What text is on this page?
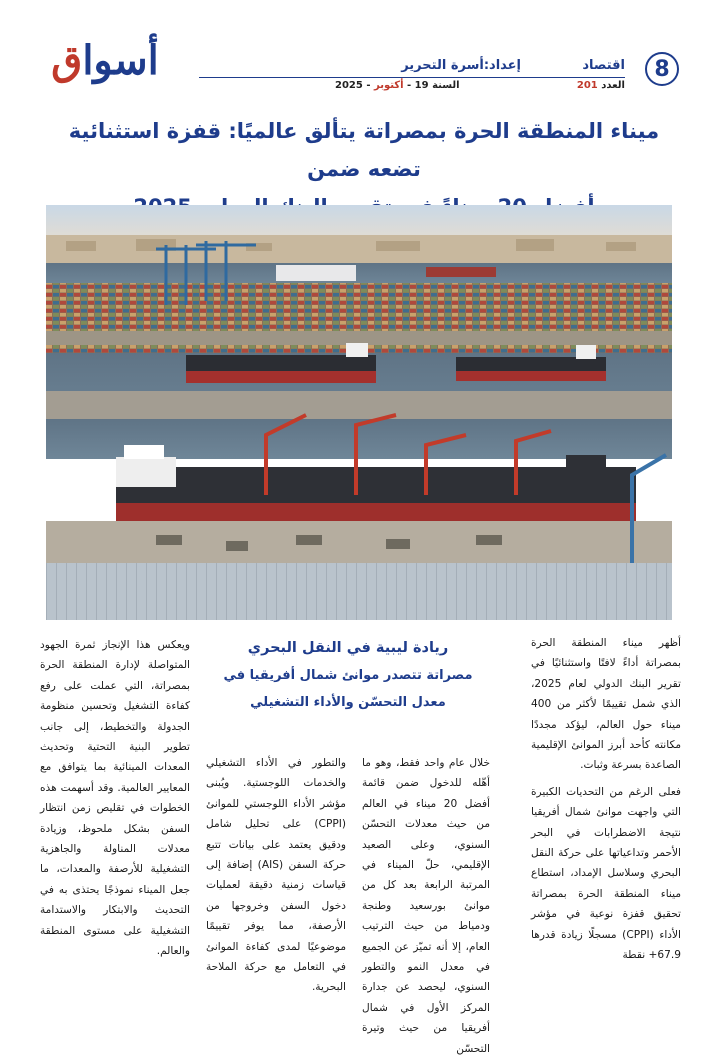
8
اقتصاد
إعداد:أسرة التحرير
العدد 201
السنة 19 - أكتوبر - 2025
أسواق
ميناء المنطقة الحرة بمصراتة يتألق عالميًا: قفزة استثنائية تضعه ضمن
ريادة ليبية في النقل البحري
مصراتة تتصدر موانئ شمال أفريقيا في
معدل التحسّن والأداء التشغيلي

أظهر ميناء المنطقة الحرة بمصراتة أداءً لافتًا واستثنائيًا في تقرير البنك الدولي لعام 2025، الذي شمل تقييمًا لأكثر من 400 ميناء حول العالم، ليؤكد مجددًا مكانته كأحد أبرز الموانئ الإقليمية الصاعدة بسرعة وثبات.

فعلى الرغم من التحديات الكبيرة التي واجهت موانئ شمال أفريقيا نتيجة الاضطرابات في البحر الأحمر وتداعياتها على حركة النقل البحري وسلاسل الإمداد، استطاع ميناء المنطقة الحرة بمصراتة تحقيق قفزة نوعية في مؤشر الأداء (CPPI) مسجلًا زيادة قدرها 67.9+ نقطة

خلال عام واحد فقط، وهو ما أهّله للدخول ضمن قائمة أفضل 20 ميناء في العالم من حيث معدلات التحسّن السنوي، وعلى الصعيد الإقليمي، حلّ الميناء في المرتبة الرابعة بعد كل من موانئ بورسعيد وطنجة ودمياط من حيث الترتيب العام، إلا أنه تميّز عن الجميع في معدل النمو والتطور السنوي، ليحصد عن جدارة المركز الأول في شمال أفريقيا من حيث وتيرة التحسّن

والتطور في الأداء التشغيلي والخدمات اللوجستية. ويُبنى مؤشر الأداء اللوجستي للموانئ (CPPI) على تحليل شامل ودقيق يعتمد على بيانات تتبع حركة السفن (AIS) إضافة إلى قياسات زمنية دقيقة لعمليات دخول السفن وخروجها من الأرصفة، مما يوفر تقييمًا موضوعيًا لمدى كفاءة الموانئ في التعامل مع حركة الملاحة البحرية.

ويعكس هذا الإنجاز ثمرة الجهود المتواصلة لإدارة المنطقة الحرة بمصراتة، التي عملت على رفع كفاءة التشغيل وتحسين منظومة الجدولة والتخطيط، إلى جانب تطوير البنية التحتية وتحديث المعدات المينائية بما يتوافق مع المعايير العالمية. وقد أسهمت هذه الخطوات في تقليص زمن انتظار السفن بشكل ملحوظ، وزيادة معدلات المناولة والجاهزية التشغيلية للأرصفة والمعدات، ما جعل الميناء نموذجًا يحتذى به في التحديث والابتكار والاستدامة التشغيلية على مستوى المنطقة والعالم.
